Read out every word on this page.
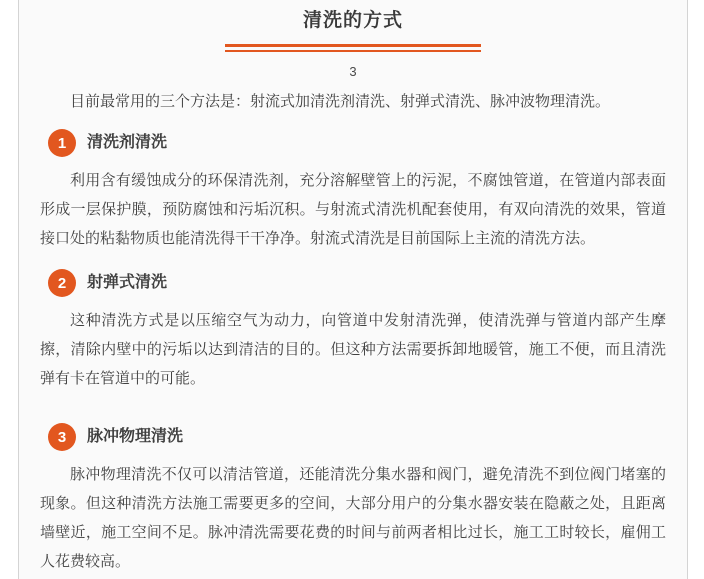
清洗的方式
3

目前最常用的三个方法是：射流式加清洗剂清洗、射弹式清洗、脉冲波物理清洗。

1	清洗剂清洗

利用含有缓蚀成分的环保清洗剂，充分溶解壁管上的污泥，不腐蚀管道，在管道内部表面形成一层保护膜，预防腐蚀和污垢沉积。与射流式清洗机配套使用，有双向清洗的效果，管道接口处的粘黏物质也能清洗得干干净净。射流式清洗是目前国际上主流的清洗方法。

2	射弹式清洗

这种清洗方式是以压缩空气为动力，向管道中发射清洗弹，使清洗弹与管道内部产生摩擦，清除内壁中的污垢以达到清洁的目的。但这种方法需要拆卸地暖管，施工不便，而且清洗弹有卡在管道中的可能。

3	脉冲物理清洗

脉冲物理清洗不仅可以清洁管道，还能清洗分集水器和阀门，避免清洗不到位阀门堵塞的现象。但这种清洗方法施工需要更多的空间，大部分用户的分集水器安装在隐蔽之处，且距离墙壁近，施工空间不足。脉冲清洗需要花费的时间与前两者相比过长，施工工时较长，雇佣工人花费较高。
